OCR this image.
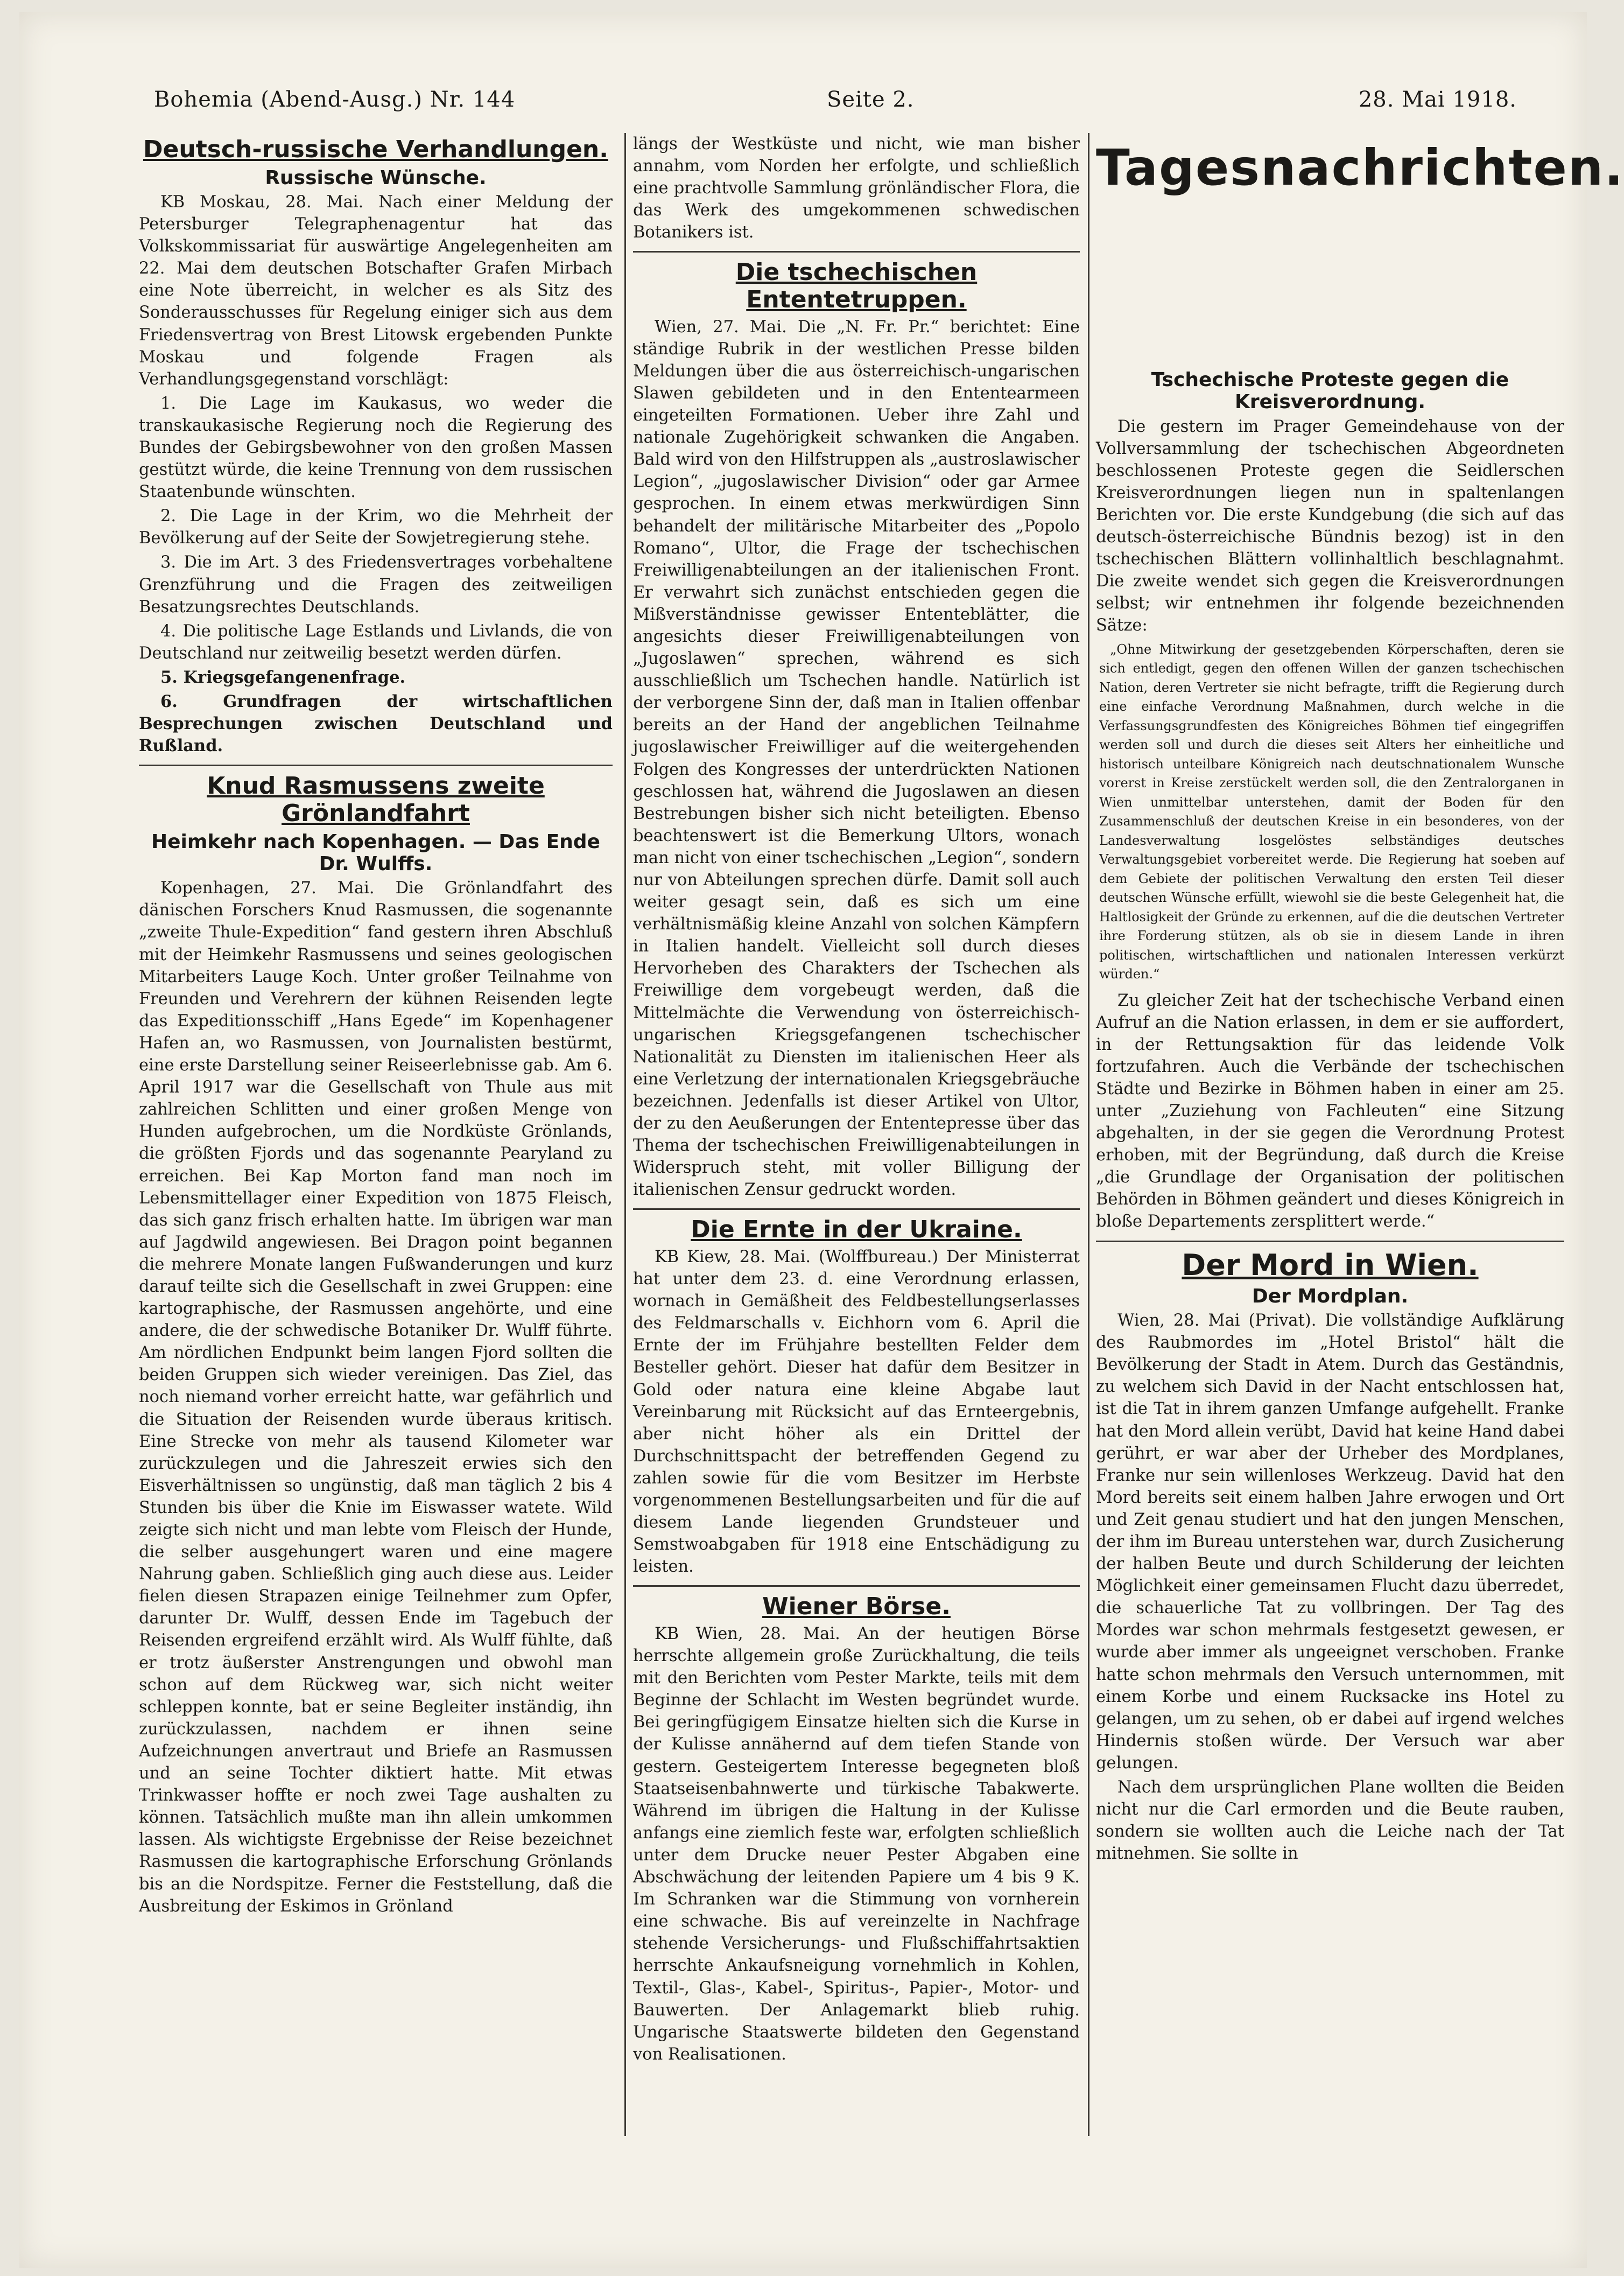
Bohemia (Abend-Ausg.) Nr. 144	Seite 2.	28. Mai 1918.
Deutsch-russische Verhandlungen.
Russische Wünsche.

KB Moskau, 28. Mai. Nach einer Meldung der Petersburger Telegraphenagentur hat das Volkskommissariat für auswärtige Angelegenheiten am 22. Mai dem deutschen Botschafter Grafen Mirbach eine Note überreicht, in welcher es als Sitz des Sonderausschusses für Regelung einiger sich aus dem Friedensvertrag von Brest Litowsk ergebenden Punkte Moskau und folgende Fragen als Verhandlungsgegenstand vorschlägt:

1. Die Lage im Kaukasus, wo weder die transkaukasische Regierung noch die Regierung des Bundes der Gebirgsbewohner von den großen Massen gestützt würde, die keine Trennung von dem russischen Staatenbunde wünschten.

2. Die Lage in der Krim, wo die Mehrheit der Bevölkerung auf der Seite der Sowjetregierung stehe.

3. Die im Art. 3 des Friedensvertrages vorbehaltene Grenzführung und die Fragen des zeitweiligen Besatzungsrechtes Deutschlands.

4. Die politische Lage Estlands und Livlands, die von Deutschland nur zeitweilig besetzt werden dürfen.

5. Kriegsgefangenenfrage.

6. Grundfragen der wirtschaftlichen Besprechungen zwischen Deutschland und Rußland.

Knud Rasmussens zweite Grönlandfahrt
Heimkehr nach Kopenhagen. — Das Ende Dr. Wulffs.

Kopenhagen, 27. Mai. Die Grönlandfahrt des dänischen Forschers Knud Rasmussen, die sogenannte „zweite Thule-Expedition“ fand gestern ihren Abschluß mit der Heimkehr Rasmussens und seines geologischen Mitarbeiters Lauge Koch. Unter großer Teilnahme von Freunden und Verehrern der kühnen Reisenden legte das Expeditionsschiff „Hans Egede“ im Kopenhagener Hafen an, wo Rasmussen, von Journalisten bestürmt, eine erste Darstellung seiner Reiseerlebnisse gab. Am 6. April 1917 war die Gesellschaft von Thule aus mit zahlreichen Schlitten und einer großen Menge von Hunden aufgebrochen, um die Nordküste Grönlands, die größten Fjords und das sogenannte Pearyland zu erreichen. Bei Kap Morton fand man noch im Lebensmittellager einer Expedition von 1875 Fleisch, das sich ganz frisch erhalten hatte. Im übrigen war man auf Jagdwild angewiesen. Bei Dragon point begannen die mehrere Monate langen Fußwanderungen und kurz darauf teilte sich die Gesellschaft in zwei Gruppen: eine kartographische, der Rasmussen angehörte, und eine andere, die der schwedische Botaniker Dr. Wulff führte. Am nördlichen Endpunkt beim langen Fjord sollten die beiden Gruppen sich wieder vereinigen. Das Ziel, das noch niemand vorher erreicht hatte, war gefährlich und die Situation der Reisenden wurde überaus kritisch. Eine Strecke von mehr als tausend Kilometer war zurückzulegen und die Jahreszeit erwies sich den Eisverhältnissen so ungünstig, daß man täglich 2 bis 4 Stunden bis über die Knie im Eiswasser watete. Wild zeigte sich nicht und man lebte vom Fleisch der Hunde, die selber ausgehungert waren und eine magere Nahrung gaben. Schließlich ging auch diese aus. Leider fielen diesen Strapazen einige Teilnehmer zum Opfer, darunter Dr. Wulff, dessen Ende im Tagebuch der Reisenden ergreifend erzählt wird. Als Wulff fühlte, daß er trotz äußerster Anstrengungen und obwohl man schon auf dem Rückweg war, sich nicht weiter schleppen konnte, bat er seine Begleiter inständig, ihn zurückzulassen, nachdem er ihnen seine Aufzeichnungen anvertraut und Briefe an Rasmussen und an seine Tochter diktiert hatte. Mit etwas Trinkwasser hoffte er noch zwei Tage aushalten zu können. Tatsächlich mußte man ihn allein umkommen lassen. Als wichtigste Ergebnisse der Reise bezeichnet Rasmussen die kartographische Erforschung Grönlands bis an die Nordspitze. Ferner die Feststellung, daß die Ausbreitung der Eskimos in Grönland

längs der Westküste und nicht, wie man bisher annahm, vom Norden her erfolgte, und schließlich eine prachtvolle Sammlung grönländischer Flora, die das Werk des umgekommenen schwedischen Botanikers ist.

Die tschechischen Ententetruppen.

Wien, 27. Mai. Die „N. Fr. Pr.“ berichtet: Eine ständige Rubrik in der westlichen Presse bilden Meldungen über die aus österreichisch-ungarischen Slawen gebildeten und in den Ententearmeen eingeteilten Formationen. Ueber ihre Zahl und nationale Zugehörigkeit schwanken die Angaben. Bald wird von den Hilfstruppen als „austroslawischer Legion“, „jugoslawischer Division“ oder gar Armee gesprochen. In einem etwas merkwürdigen Sinn behandelt der militärische Mitarbeiter des „Popolo Romano“, Ultor, die Frage der tschechischen Freiwilligenabteilungen an der italienischen Front. Er verwahrt sich zunächst entschieden gegen die Mißverständnisse gewisser Ententeblätter, die angesichts dieser Freiwilligenabteilungen von „Jugoslawen“ sprechen, während es sich ausschließlich um Tschechen handle. Natürlich ist der verborgene Sinn der, daß man in Italien offenbar bereits an der Hand der angeblichen Teilnahme jugoslawischer Freiwilliger auf die weitergehenden Folgen des Kongresses der unterdrückten Nationen geschlossen hat, während die Jugoslawen an diesen Bestrebungen bisher sich nicht beteiligten. Ebenso beachtenswert ist die Bemerkung Ultors, wonach man nicht von einer tschechischen „Legion“, sondern nur von Abteilungen sprechen dürfe. Damit soll auch weiter gesagt sein, daß es sich um eine verhältnismäßig kleine Anzahl von solchen Kämpfern in Italien handelt. Vielleicht soll durch dieses Hervorheben des Charakters der Tschechen als Freiwillige dem vorgebeugt werden, daß die Mittelmächte die Verwendung von österreichisch-ungarischen Kriegsgefangenen tschechischer Nationalität zu Diensten im italienischen Heer als eine Verletzung der internationalen Kriegsgebräuche bezeichnen. Jedenfalls ist dieser Artikel von Ultor, der zu den Aeußerungen der Ententepresse über das Thema der tschechischen Freiwilligenabteilungen in Widerspruch steht, mit voller Billigung der italienischen Zensur gedruckt worden.

Die Ernte in der Ukraine.

KB Kiew, 28. Mai. (Wolffbureau.) Der Ministerrat hat unter dem 23. d. eine Verordnung erlassen, wornach in Gemäßheit des Feldbestellungserlasses des Feldmarschalls v. Eichhorn vom 6. April die Ernte der im Frühjahre bestellten Felder dem Besteller gehört. Dieser hat dafür dem Besitzer in Gold oder natura eine kleine Abgabe laut Vereinbarung mit Rücksicht auf das Ernteergebnis, aber nicht höher als ein Drittel der Durchschnittspacht der betreffenden Gegend zu zahlen sowie für die vom Besitzer im Herbste vorgenommenen Bestellungsarbeiten und für die auf diesem Lande liegenden Grundsteuer und Semstwoabgaben für 1918 eine Entschädigung zu leisten.

Wiener Börse.

KB Wien, 28. Mai. An der heutigen Börse herrschte allgemein große Zurückhaltung, die teils mit den Berichten vom Pester Markte, teils mit dem Beginne der Schlacht im Westen begründet wurde. Bei geringfügigem Einsatze hielten sich die Kurse in der Kulisse annähernd auf dem tiefen Stande von gestern. Gesteigertem Interesse begegneten bloß Staatseisenbahnwerte und türkische Tabakwerte. Während im übrigen die Haltung in der Kulisse anfangs eine ziemlich feste war, erfolgten schließlich unter dem Drucke neuer Pester Abgaben eine Abschwächung der leitenden Papiere um 4 bis 9 K. Im Schranken war die Stimmung von vornherein eine schwache. Bis auf vereinzelte in Nachfrage stehende Versicherungs- und Flußschiffahrtsaktien herrschte Ankaufsneigung vornehmlich in Kohlen, Textil-, Glas-, Kabel-, Spiritus-, Papier-, Motor- und Bauwerten. Der Anlagemarkt blieb ruhig. Ungarische Staatswerte bildeten den Gegenstand von Realisationen.

Tagesnachrichten.
Tschechische Proteste gegen die Kreisverordnung.

Die gestern im Prager Gemeindehause von der Vollversammlung der tschechischen Abgeordneten beschlossenen Proteste gegen die Seidlerschen Kreisverordnungen liegen nun in spaltenlangen Berichten vor. Die erste Kundgebung (die sich auf das deutsch-österreichische Bündnis bezog) ist in den tschechischen Blättern vollinhaltlich beschlagnahmt. Die zweite wendet sich gegen die Kreisverordnungen selbst; wir entnehmen ihr folgende bezeichnenden Sätze:

„Ohne Mitwirkung der gesetzgebenden Körperschaften, deren sie sich entledigt, gegen den offenen Willen der ganzen tschechischen Nation, deren Vertreter sie nicht befragte, trifft die Regierung durch eine einfache Verordnung Maßnahmen, durch welche in die Verfassungsgrundfesten des Königreiches Böhmen tief eingegriffen werden soll und durch die dieses seit Alters her einheitliche und historisch unteilbare Königreich nach deutschnationalem Wunsche vorerst in Kreise zerstückelt werden soll, die den Zentralorganen in Wien unmittelbar unterstehen, damit der Boden für den Zusammenschluß der deutschen Kreise in ein besonderes, von der Landesverwaltung losgelöstes selbständiges deutsches Verwaltungsgebiet vorbereitet werde. Die Regierung hat soeben auf dem Gebiete der politischen Verwaltung den ersten Teil dieser deutschen Wünsche erfüllt, wiewohl sie die beste Gelegenheit hat, die Haltlosigkeit der Gründe zu erkennen, auf die die deutschen Vertreter ihre Forderung stützen, als ob sie in diesem Lande in ihren politischen, wirtschaftlichen und nationalen Interessen verkürzt würden.“

Zu gleicher Zeit hat der tschechische Verband einen Aufruf an die Nation erlassen, in dem er sie auffordert, in der Rettungsaktion für das leidende Volk fortzufahren. Auch die Verbände der tschechischen Städte und Bezirke in Böhmen haben in einer am 25. unter „Zuziehung von Fachleuten“ eine Sitzung abgehalten, in der sie gegen die Verordnung Protest erhoben, mit der Begründung, daß durch die Kreise „die Grundlage der Organisation der politischen Behörden in Böhmen geändert und dieses Königreich in bloße Departements zersplittert werde.“

Der Mord in Wien.
Der Mordplan.

Wien, 28. Mai (Privat). Die vollständige Aufklärung des Raubmordes im „Hotel Bristol“ hält die Bevölkerung der Stadt in Atem. Durch das Geständnis, zu welchem sich David in der Nacht entschlossen hat, ist die Tat in ihrem ganzen Umfange aufgehellt. Franke hat den Mord allein verübt, David hat keine Hand dabei gerührt, er war aber der Urheber des Mordplanes, Franke nur sein willenloses Werkzeug. David hat den Mord bereits seit einem halben Jahre erwogen und Ort und Zeit genau studiert und hat den jungen Menschen, der ihm im Bureau unterstehen war, durch Zusicherung der halben Beute und durch Schilderung der leichten Möglichkeit einer gemeinsamen Flucht dazu überredet, die schauerliche Tat zu vollbringen. Der Tag des Mordes war schon mehrmals festgesetzt gewesen, er wurde aber immer als ungeeignet verschoben. Franke hatte schon mehrmals den Versuch unternommen, mit einem Korbe und einem Rucksacke ins Hotel zu gelangen, um zu sehen, ob er dabei auf irgend welches Hindernis stoßen würde. Der Versuch war aber gelungen.

Nach dem ursprünglichen Plane wollten die Beiden nicht nur die Carl ermorden und die Beute rauben, sondern sie wollten auch die Leiche nach der Tat mitnehmen. Sie sollte in
